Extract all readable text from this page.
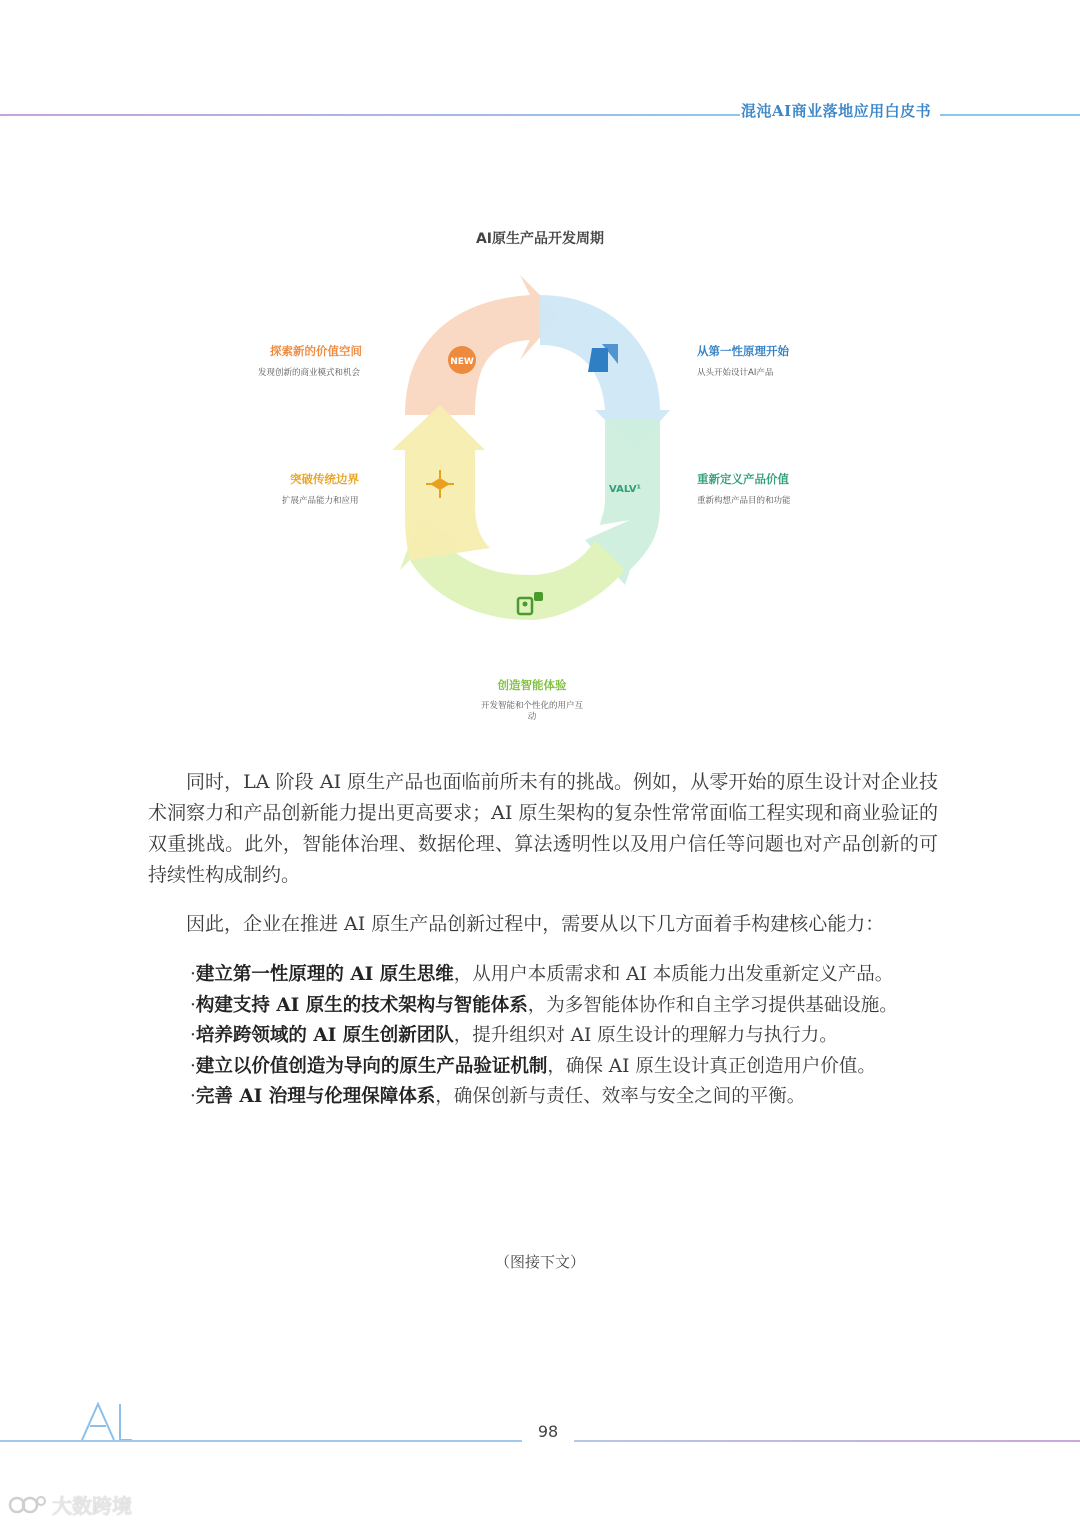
混沌AI商业落地应用白皮书
AI原生产品开发周期
NEW
VALV¹
探索新的价值空间
发现创新的商业模式和机会
从第一性原理开始
从头开始设计AI产品
重新定义产品价值
重新构想产品目的和功能
突破传统边界
扩展产品能力和应用
创造智能体验
开发智能和个性化的用户互
动

同时，LA 阶段 AI 原生产品也面临前所未有的挑战。例如，从零开始的原生设计对企业技术洞察力和产品创新能力提出更高要求；AI 原生架构的复杂性常常面临工程实现和商业验证的双重挑战。此外，智能体治理、数据伦理、算法透明性以及用户信任等问题也对产品创新的可持续性构成制约。

因此，企业在推进 AI 原生产品创新过程中，需要从以下几方面着手构建核心能力：

·建立第一性原理的 AI 原生思维，从用户本质需求和 AI 本质能力出发重新定义产品。
·构建支持 AI 原生的技术架构与智能体系，为多智能体协作和自主学习提供基础设施。
·培养跨领域的 AI 原生创新团队，提升组织对 AI 原生设计的理解力与执行力。
·建立以价值创造为导向的原生产品验证机制，确保 AI 原生设计真正创造用户价值。
·完善 AI 治理与伦理保障体系，确保创新与责任、效率与安全之间的平衡。
（图接下文）
AI
98
大数跨境
